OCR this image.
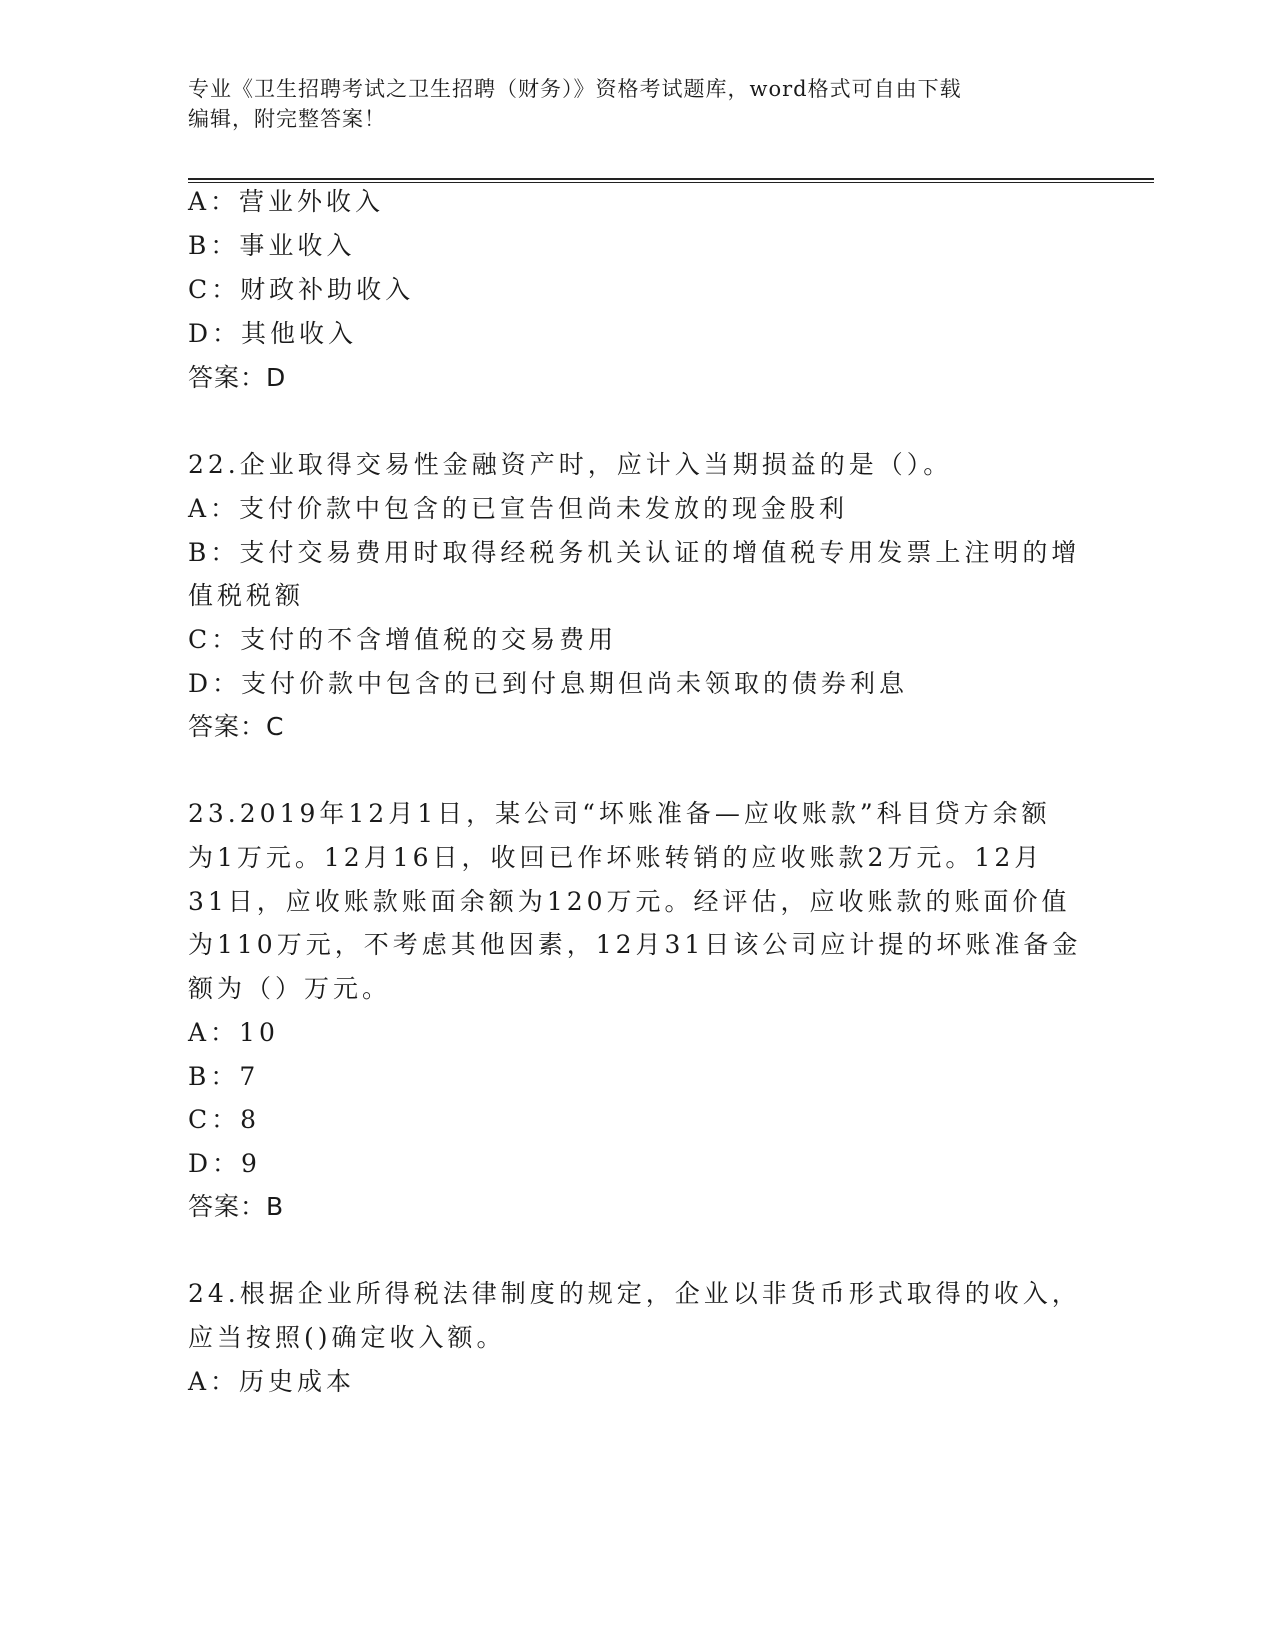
专业《卫生招聘考试之卫生招聘（财务）》资格考试题库，word格式可自由下载
编辑，附完整答案！
A：营业外收入
B：事业收入
C：财政补助收入
D：其他收入
答案：D
22.企业取得交易性金融资产时，应计入当期损益的是（）。
A：支付价款中包含的已宣告但尚未发放的现金股利
B：支付交易费用时取得经税务机关认证的增值税专用发票上注明的增
值税税额
C：支付的不含增值税的交易费用
D：支付价款中包含的已到付息期但尚未领取的债券利息
答案：C
23.2019年12月1日，某公司“坏账准备—应收账款”科目贷方余额
为1万元。12月16日，收回已作坏账转销的应收账款2万元。12月
31日，应收账款账面余额为120万元。经评估，应收账款的账面价值
为110万元，不考虑其他因素，12月31日该公司应计提的坏账准备金
额为（）万元。
A：10
B：7
C：8
D：9
答案：B
24.根据企业所得税法律制度的规定，企业以非货币形式取得的收入，
应当按照()确定收入额。
A：历史成本
